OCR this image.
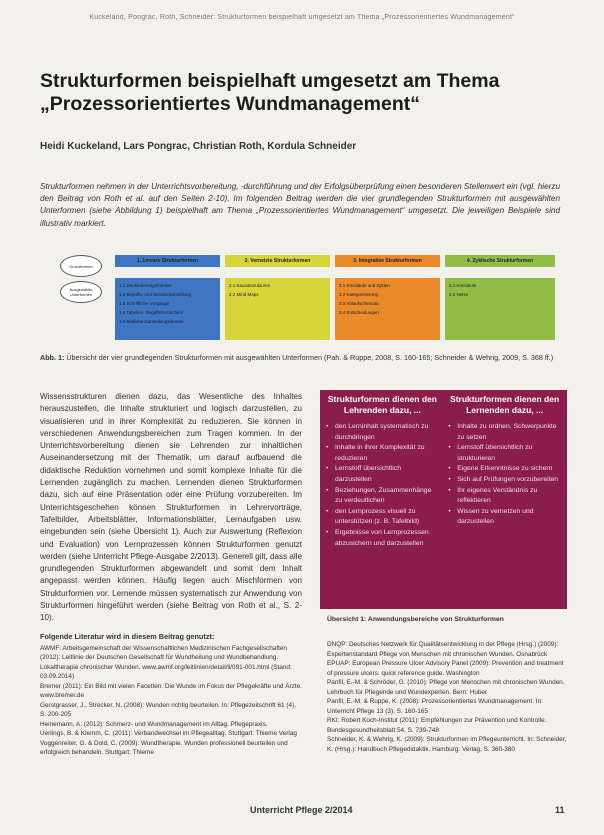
Kuckeland, Pongrac, Roth, Schneider: Strukturformen beispielhaft umgesetzt am Thema „Prozessorientiertes Wundmanagement“
Strukturformen beispielhaft umgesetzt am Thema „Prozessorientiertes Wundmanagement“
Heidi Kuckeland, Lars Pongrac, Christian Roth, Kordula Schneider

Strukturformen nehmen in der Unterrichtsvorbereitung, -durchführung und der Erfolgsüberprüfung einen besonderen Stellenwert ein (vgl. hierzu den Beitrag von Roth et al. auf den Seiten 2-10). Im folgenden Beitrag werden die vier grundlegenden Strukturformen mit ausgewählten Unterformen (siehe Abbildung 1) beispielhaft am Thema „Prozessorientiertes Wundmanagement“ umgesetzt. Die jeweiligen Beispiele sind illustrativ markiert.

Grundformen
Ausgewählte Unterformen
1. Lineare Strukturformen	2. Vernetzte Strukturformen	3. Integrative Strukturformen	4. Zyklische Strukturformen
1.1 Strukturierungsformen
1.2 Begriffs- und Strukturdarstellung
1.3 Schriftliche Vorgänge
1.4 Tabellen, Begriffshierarchien
1.5 Bildliche Darstellungsformen
2.1 Kausalstrukturen
2.2 Mind Maps
3.1 Kreisläufe und Zyklen
3.2 Kategorisierung
3.3 Ablaufschemata
3.4 Entscheidungen
4.1 Kreisläufe
4.2 Netze
Abb. 1: Übersicht der vier grundlegenden Strukturformen mit ausgewählten Unterformen (Pah. & Ruppe, 2008, S. 160-165; Schneider & Wehrig, 2009, S. 368 ff.)

Wissensstrukturen dienen dazu, das Wesentliche des Inhaltes herauszustellen, die Inhalte strukturiert und logisch darzustellen, zu visualisieren und in ihrer Komplexität zu reduzieren. Sie können in verschiedenen Anwendungsbereichen zum Tragen kommen. In der Unterrichtsvorbereitung dienen sie Lehrenden zur inhaltlichen Auseinandersetzung mit der Thematik, um darauf aufbauend die didaktische Reduktion vornehmen und somit komplexe Inhalte für die Lernenden zugänglich zu machen. Lernenden dienen Strukturformen dazu, sich auf eine Präsentation oder eine Prüfung vorzubereiten. Im Unterrichtsgeschehen können Strukturformen in Lehrervorträge, Tafelbilder, Arbeitsblätter, Informationsblätter, Lernaufgaben usw. eingebunden sein (siehe Übersicht 1). Auch zur Auswertung (Reflexion und Evaluation) von Lernprozessen können Strukturformen genutzt werden (siehe Unterricht Pflege-Ausgabe 2/2013). Generell gilt, dass alle grundlegenden Strukturformen abgewandelt und somit dem Inhalt angepasst werden können. Häufig liegen auch Mischformen von Strukturformen vor. Lernende müssen systematisch zur Anwendung von Strukturformen hingeführt werden (siehe Beitrag von Roth et al., S. 2-10).

Strukturformen dienen den Lehrenden dazu, ...
Strukturformen dienen den Lernenden dazu, ...
• den Lerninhalt systematisch zu durchdringen
• Inhalte in ihrer Komplexität zu reduzieren
• Lernstoff übersichtlich darzustellen
• Beziehungen, Zusammenhänge zu verdeutlichen
• den Lernprozess visuell zu unterstützen (z. B. Tafelbild)
• Ergebnisse von Lernprozessen abzusichern und darzustellen
• Inhalte zu ordnen, Schwerpunkte zu setzen
• Lernstoff übersichtlich zu strukturieren
• Eigene Erkenntnisse zu sichern
• Sich auf Prüfungen vorzubereiten
• Ihr eigenes Verständnis zu reflektieren
• Wissen zu vernetzen und darzustellen
Übersicht 1: Anwendungsbereiche von Strukturformen
Folgende Literatur wird in diesem Beitrag genutzt:
AWMF: Arbeitsgemeinschaft der Wissenschaftlichen Medizinischen Fachgesellschaften (2012): Leitlinie der Deutschen Gesellschaft für Wundheilung und Wundbehandlung. Lokaltherapie chronischer Wunden. www.awmf.org/leitlinien/detail/ll/091-001.html (Stand: 03.09.2014)
Bremer (2011): Ein Bild mit vielen Facetten. Die Wunde im Fokus der Pflegekräfte und Ärzte. www.bremer.de
Gerstgrasser, J., Strecker, N. (2008): Wunden richtig beurteilen. In: Pflegezeitschrift 61 (4), S. 200-205
Heinemann, A. (2012): Schmerz- und Wundmanagement im Alltag. Pflegepraxis.
Uerlings, B. & Klemm, C. (2011): Verbandwechsel im Pflegealltag. Stuttgart: Thieme Verlag
Voggenreiter, G. & Dold, C. (2009): Wundtherapie. Wunden professionell beurteilen und erfolgreich behandeln. Stuttgart: Thieme
DNQP: Deutsches Netzwerk für Qualitätsentwicklung in der Pflege (Hrsg.) (2009): Expertenstandard Pflege von Menschen mit chronischen Wunden. Osnabrück
EPUAP: European Pressure Ulcer Advisory Panel (2009): Prevention and treatment of pressure ulcers: quick reference guide. Washington
Panfil, E.-M. & Schröder, G. (2010): Pflege von Menschen mit chronischen Wunden. Lehrbuch für Pflegende und Wundexperten. Bern: Huber
Panfil, E.-M. & Ruppe, K. (2008): Prozessorientiertes Wundmanagement. In: Unterricht Pflege 13 (3), S. 160-165
RKI: Robert Koch-Institut (2011): Empfehlungen zur Prävention und Kontrolle. Bundesgesundheitsblatt 54, S. 739-748
Schneider, K. & Wehrig, K. (2009): Strukturformen im Pflegeunterricht. In: Schneider, K. (Hrsg.): Handbuch Pflegedidaktik. Hamburg: Verlag, S. 360-380
Unterricht Pflege 2/2014	11
